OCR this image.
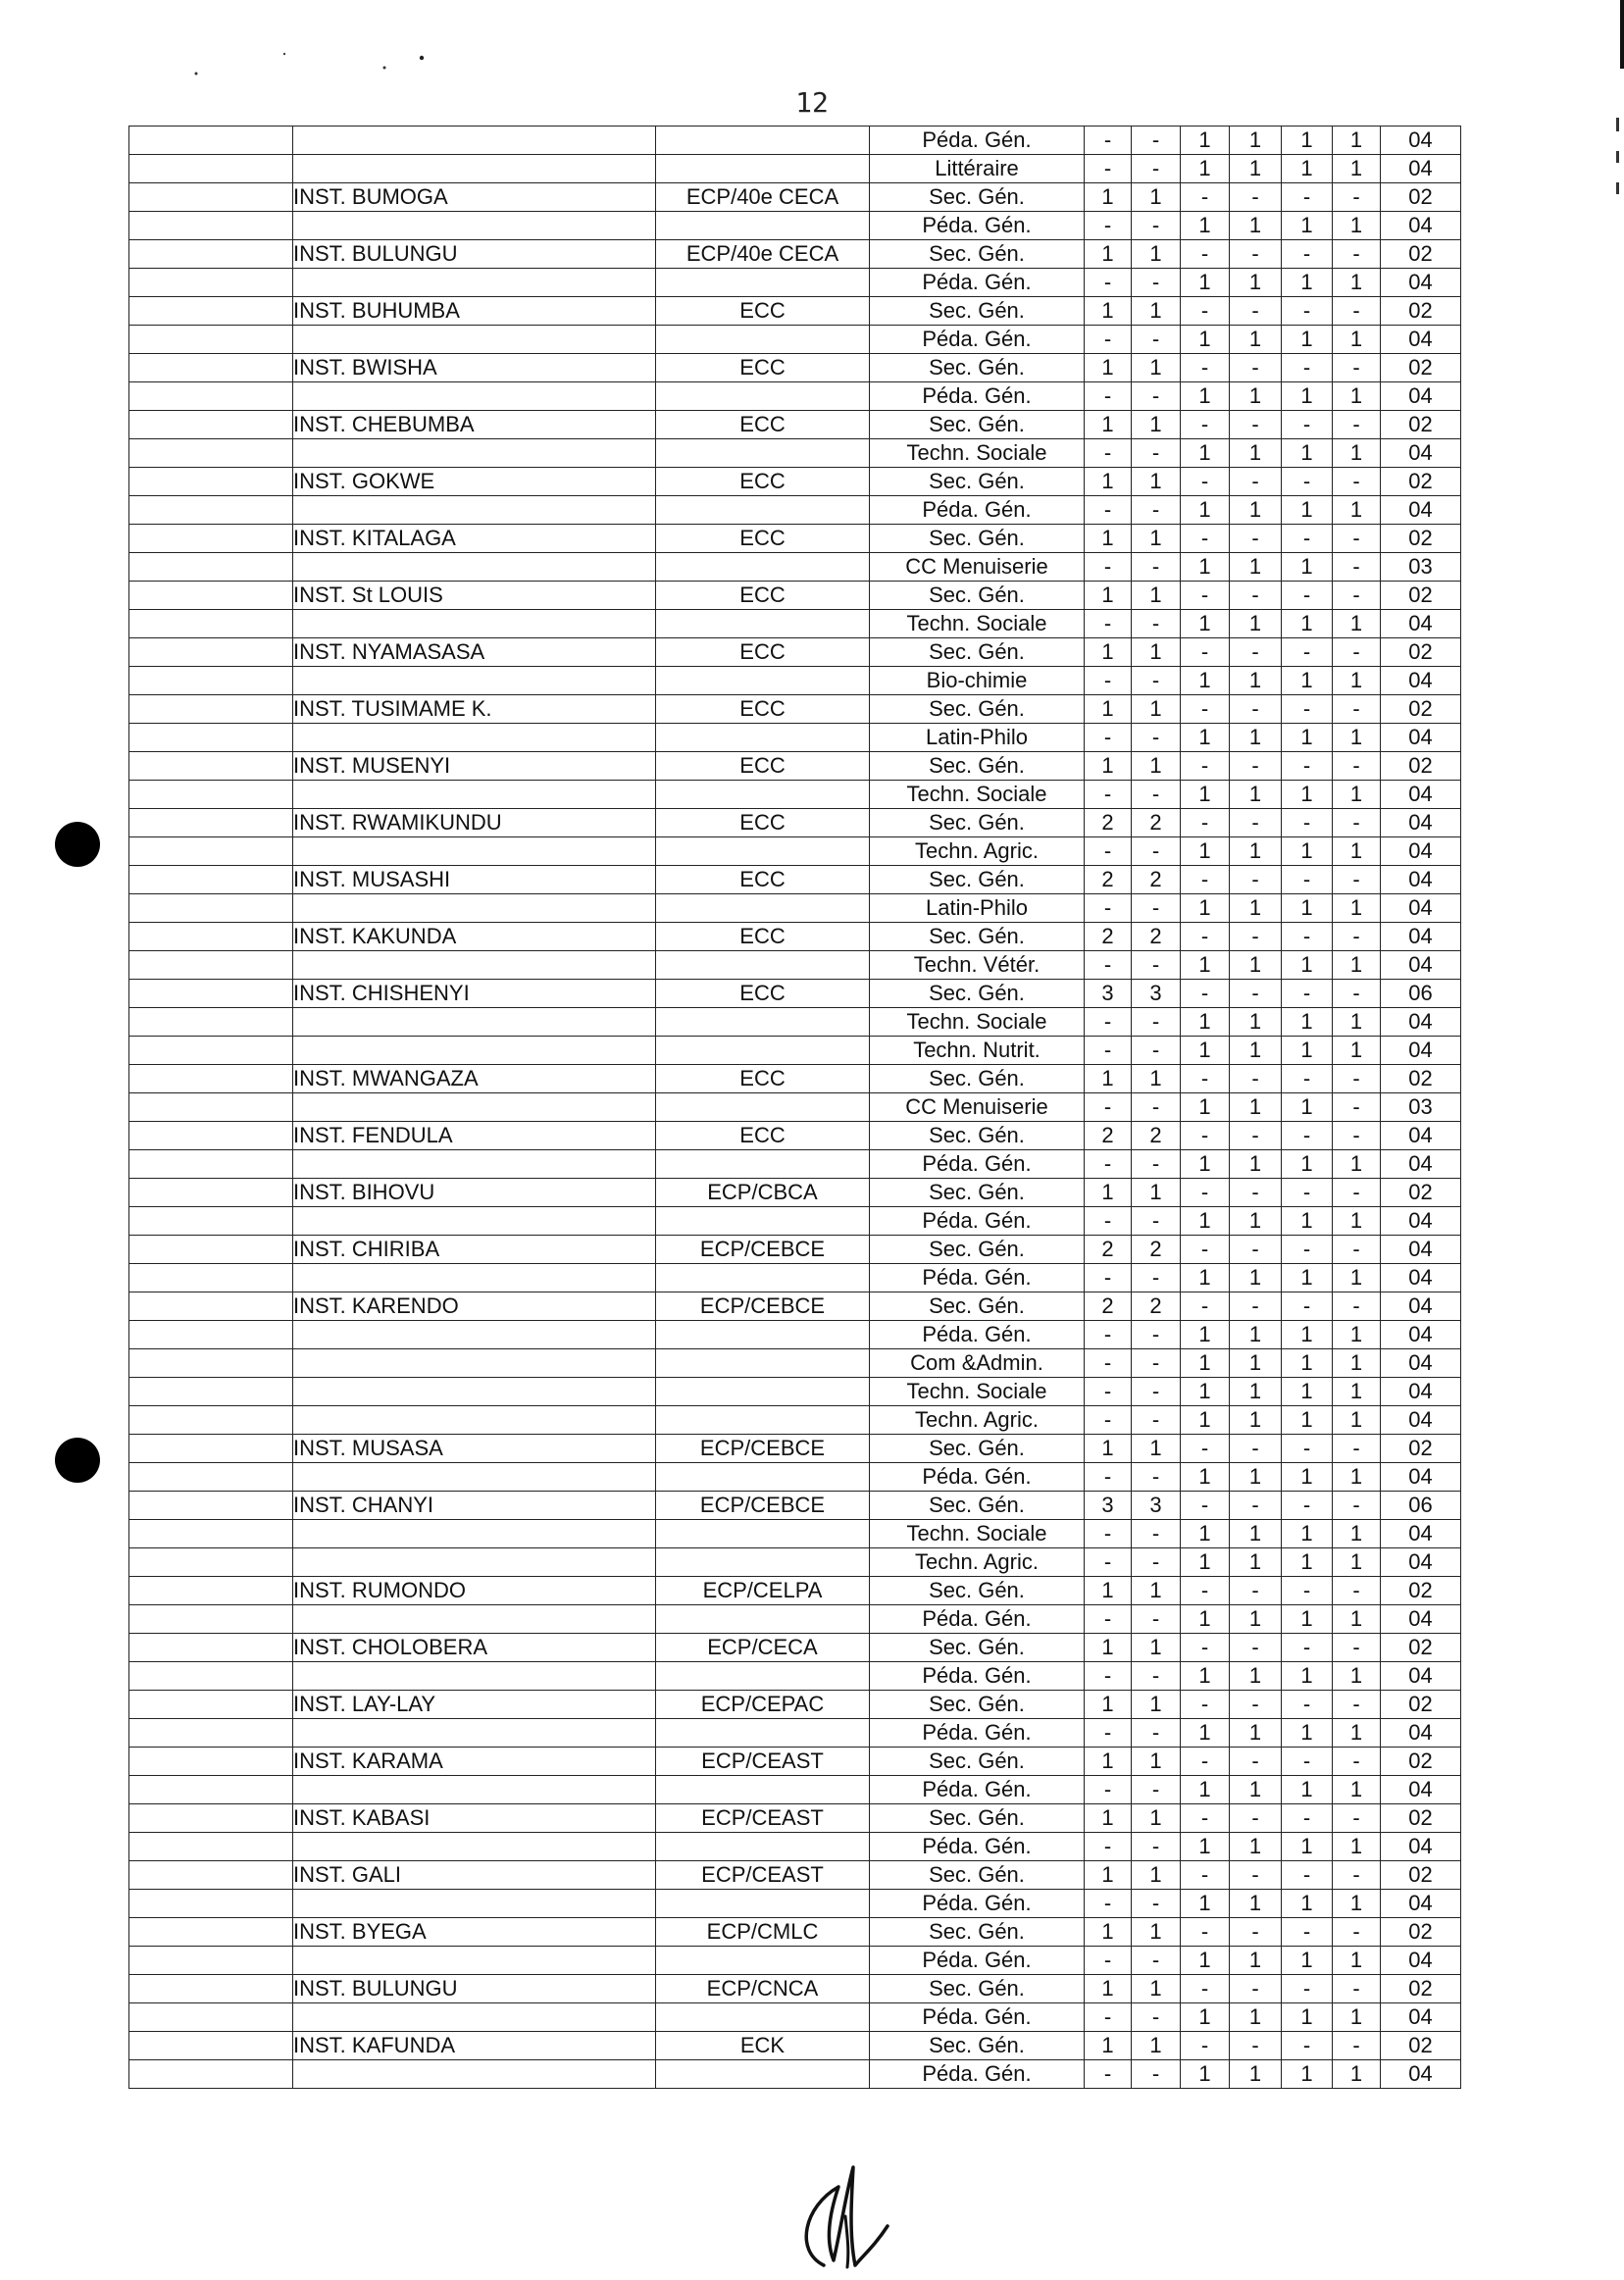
12
			Péda. Gén.	-	-	1	1	1	1	04
			Littéraire	-	-	1	1	1	1	04
	INST. BUMOGA	ECP/40e CECA	Sec. Gén.	1	1	-	-	-	-	02
			Péda. Gén.	-	-	1	1	1	1	04
	INST. BULUNGU	ECP/40e CECA	Sec. Gén.	1	1	-	-	-	-	02
			Péda. Gén.	-	-	1	1	1	1	04
	INST. BUHUMBA	ECC	Sec. Gén.	1	1	-	-	-	-	02
			Péda. Gén.	-	-	1	1	1	1	04
	INST. BWISHA	ECC	Sec. Gén.	1	1	-	-	-	-	02
			Péda. Gén.	-	-	1	1	1	1	04
	INST. CHEBUMBA	ECC	Sec. Gén.	1	1	-	-	-	-	02
			Techn. Sociale	-	-	1	1	1	1	04
	INST. GOKWE	ECC	Sec. Gén.	1	1	-	-	-	-	02
			Péda. Gén.	-	-	1	1	1	1	04
	INST. KITALAGA	ECC	Sec. Gén.	1	1	-	-	-	-	02
			CC Menuiserie	-	-	1	1	1	-	03
	INST. St LOUIS	ECC	Sec. Gén.	1	1	-	-	-	-	02
			Techn. Sociale	-	-	1	1	1	1	04
	INST. NYAMASASA	ECC	Sec. Gén.	1	1	-	-	-	-	02
			Bio-chimie	-	-	1	1	1	1	04
	INST. TUSIMAME K.	ECC	Sec. Gén.	1	1	-	-	-	-	02
			Latin-Philo	-	-	1	1	1	1	04
	INST. MUSENYI	ECC	Sec. Gén.	1	1	-	-	-	-	02
			Techn. Sociale	-	-	1	1	1	1	04
	INST. RWAMIKUNDU	ECC	Sec. Gén.	2	2	-	-	-	-	04
			Techn. Agric.	-	-	1	1	1	1	04
	INST. MUSASHI	ECC	Sec. Gén.	2	2	-	-	-	-	04
			Latin-Philo	-	-	1	1	1	1	04
	INST. KAKUNDA	ECC	Sec. Gén.	2	2	-	-	-	-	04
			Techn. Vétér.	-	-	1	1	1	1	04
	INST. CHISHENYI	ECC	Sec. Gén.	3	3	-	-	-	-	06
			Techn. Sociale	-	-	1	1	1	1	04
			Techn. Nutrit.	-	-	1	1	1	1	04
	INST. MWANGAZA	ECC	Sec. Gén.	1	1	-	-	-	-	02
			CC Menuiserie	-	-	1	1	1	-	03
	INST. FENDULA	ECC	Sec. Gén.	2	2	-	-	-	-	04
			Péda. Gén.	-	-	1	1	1	1	04
	INST. BIHOVU	ECP/CBCA	Sec. Gén.	1	1	-	-	-	-	02
			Péda. Gén.	-	-	1	1	1	1	04
	INST. CHIRIBA	ECP/CEBCE	Sec. Gén.	2	2	-	-	-	-	04
			Péda. Gén.	-	-	1	1	1	1	04
	INST. KARENDO	ECP/CEBCE	Sec. Gén.	2	2	-	-	-	-	04
			Péda. Gén.	-	-	1	1	1	1	04
			Com &Admin.	-	-	1	1	1	1	04
			Techn. Sociale	-	-	1	1	1	1	04
			Techn. Agric.	-	-	1	1	1	1	04
	INST. MUSASA	ECP/CEBCE	Sec. Gén.	1	1	-	-	-	-	02
			Péda. Gén.	-	-	1	1	1	1	04
	INST. CHANYI	ECP/CEBCE	Sec. Gén.	3	3	-	-	-	-	06
			Techn. Sociale	-	-	1	1	1	1	04
			Techn. Agric.	-	-	1	1	1	1	04
	INST. RUMONDO	ECP/CELPA	Sec. Gén.	1	1	-	-	-	-	02
			Péda. Gén.	-	-	1	1	1	1	04
	INST. CHOLOBERA	ECP/CECA	Sec. Gén.	1	1	-	-	-	-	02
			Péda. Gén.	-	-	1	1	1	1	04
	INST. LAY-LAY	ECP/CEPAC	Sec. Gén.	1	1	-	-	-	-	02
			Péda. Gén.	-	-	1	1	1	1	04
	INST. KARAMA	ECP/CEAST	Sec. Gén.	1	1	-	-	-	-	02
			Péda. Gén.	-	-	1	1	1	1	04
	INST. KABASI	ECP/CEAST	Sec. Gén.	1	1	-	-	-	-	02
			Péda. Gén.	-	-	1	1	1	1	04
	INST. GALI	ECP/CEAST	Sec. Gén.	1	1	-	-	-	-	02
			Péda. Gén.	-	-	1	1	1	1	04
	INST. BYEGA	ECP/CMLC	Sec. Gén.	1	1	-	-	-	-	02
			Péda. Gén.	-	-	1	1	1	1	04
	INST. BULUNGU	ECP/CNCA	Sec. Gén.	1	1	-	-	-	-	02
			Péda. Gén.	-	-	1	1	1	1	04
	INST. KAFUNDA	ECK	Sec. Gén.	1	1	-	-	-	-	02
			Péda. Gén.	-	-	1	1	1	1	04
